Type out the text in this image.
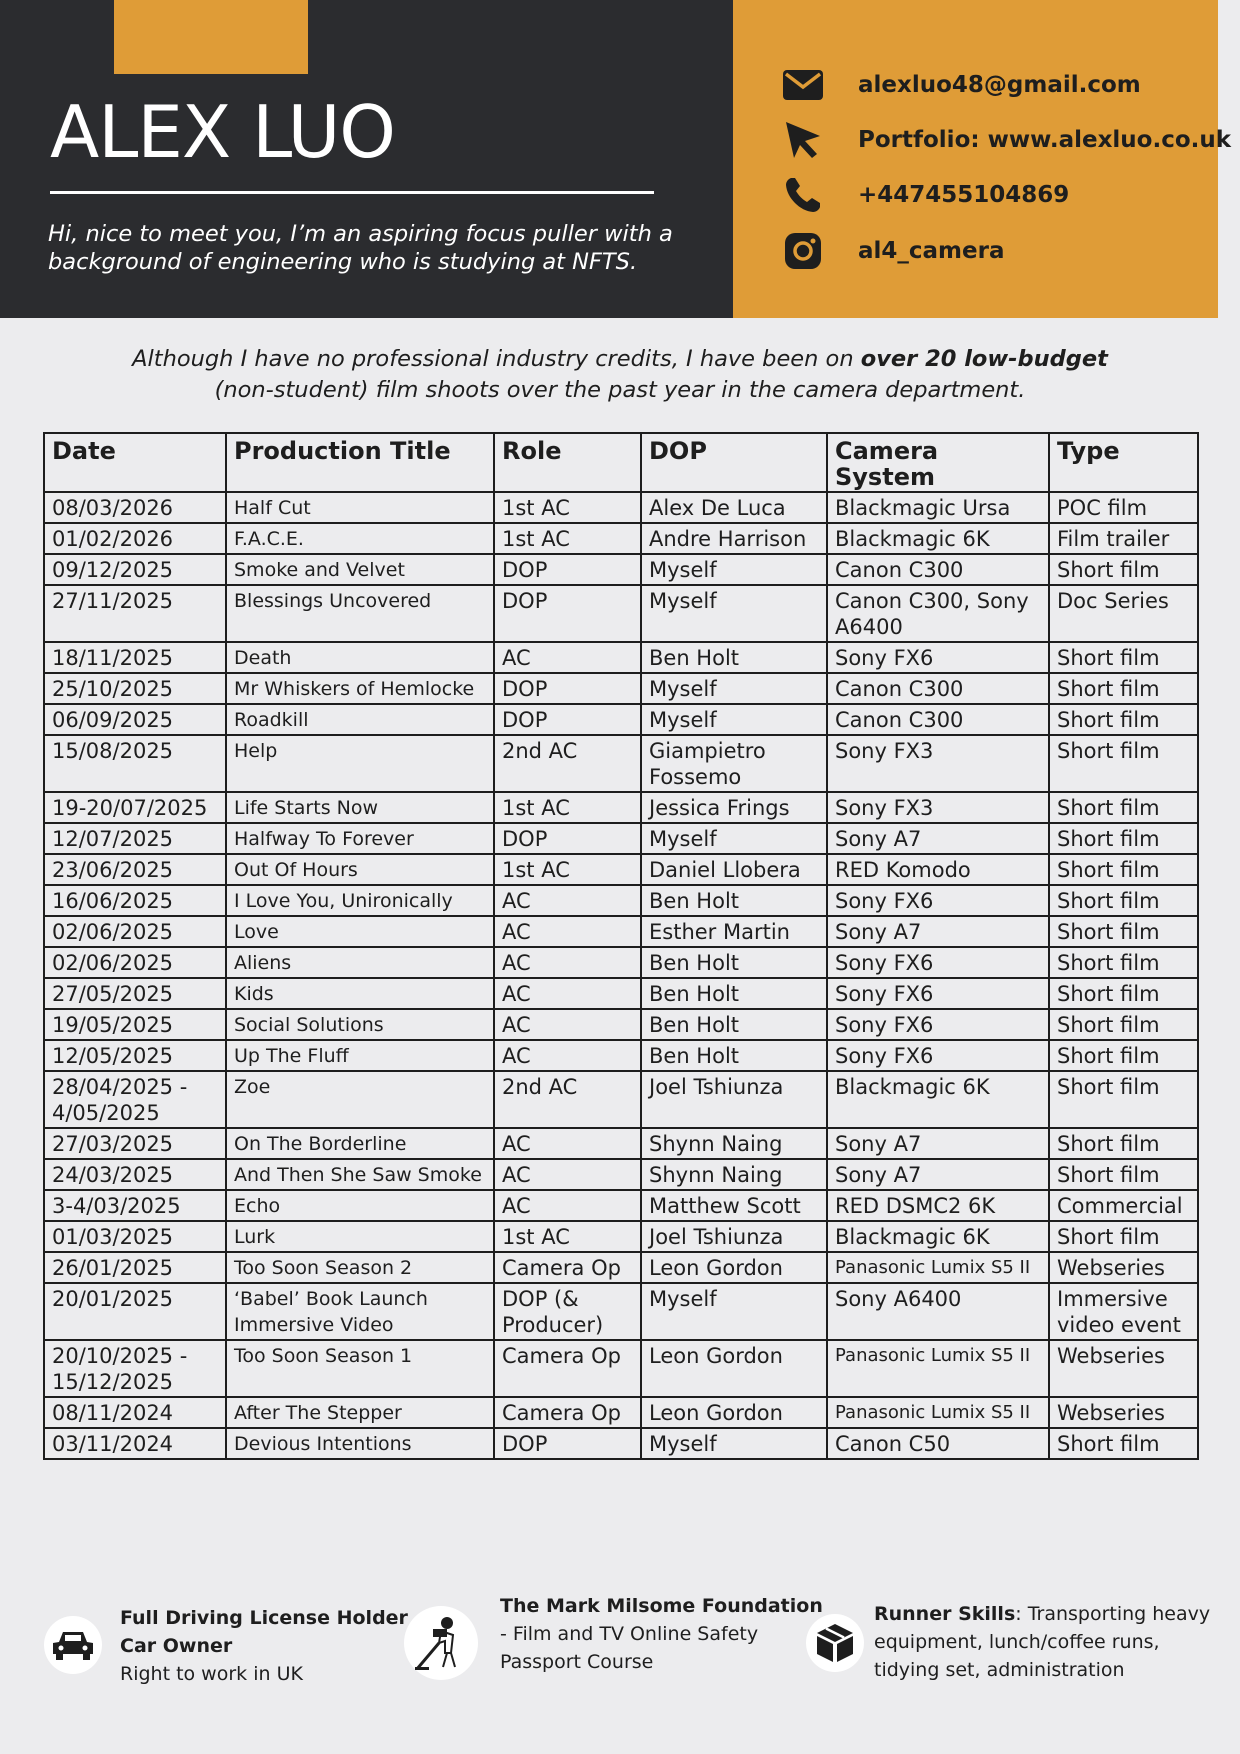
ALEX LUO
Hi, nice to meet you, I’m an aspiring focus puller with a
background of engineering who is studying at NFTS.
alexluo48@gmail.com
Portfolio: www.alexluo.co.uk
+447455104869
al4_camera
Although I have no professional industry credits, I have been on over 20 low-budget
(non-student) film shoots over the past year in the camera department.
Date	Production Title	Role	DOP	Camera System	Type
08/03/2026	Half Cut	1st AC	Alex De Luca	Blackmagic Ursa	POC film
01/02/2026	F.A.C.E.	1st AC	Andre Harrison	Blackmagic 6K	Film trailer
09/12/2025	Smoke and Velvet	DOP	Myself	Canon C300	Short film
27/11/2025	Blessings Uncovered	DOP	Myself	Canon C300, Sony A6400	Doc Series
18/11/2025	Death	AC	Ben Holt	Sony FX6	Short film
25/10/2025	Mr Whiskers of Hemlocke	DOP	Myself	Canon C300	Short film
06/09/2025	Roadkill	DOP	Myself	Canon C300	Short film
15/08/2025	Help	2nd AC	Giampietro Fossemo	Sony FX3	Short film
19-20/07/2025	Life Starts Now	1st AC	Jessica Frings	Sony FX3	Short film
12/07/2025	Halfway To Forever	DOP	Myself	Sony A7	Short film
23/06/2025	Out Of Hours	1st AC	Daniel Llobera	RED Komodo	Short film
16/06/2025	I Love You, Unironically	AC	Ben Holt	Sony FX6	Short film
02/06/2025	Love	AC	Esther Martin	Sony A7	Short film
02/06/2025	Aliens	AC	Ben Holt	Sony FX6	Short film
27/05/2025	Kids	AC	Ben Holt	Sony FX6	Short film
19/05/2025	Social Solutions	AC	Ben Holt	Sony FX6	Short film
12/05/2025	Up The Fluff	AC	Ben Holt	Sony FX6	Short film
28/04/2025 - 4/05/2025	Zoe	2nd AC	Joel Tshiunza	Blackmagic 6K	Short film
27/03/2025	On The Borderline	AC	Shynn Naing	Sony A7	Short film
24/03/2025	And Then She Saw Smoke	AC	Shynn Naing	Sony A7	Short film
3-4/03/2025	Echo	AC	Matthew Scott	RED DSMC2 6K	Commercial
01/03/2025	Lurk	1st AC	Joel Tshiunza	Blackmagic 6K	Short film
26/01/2025	Too Soon Season 2	Camera Op	Leon Gordon	Panasonic Lumix S5 II	Webseries
20/01/2025	‘Babel’ Book Launch Immersive Video	DOP (& Producer)	Myself	Sony A6400	Immersive video event
20/10/2025 - 15/12/2025	Too Soon Season 1	Camera Op	Leon Gordon	Panasonic Lumix S5 II	Webseries
08/11/2024	After The Stepper	Camera Op	Leon Gordon	Panasonic Lumix S5 II	Webseries
03/11/2024	Devious Intentions	DOP	Myself	Canon C50	Short film
Full Driving License Holder
Car Owner
Right to work in UK
The Mark Milsome Foundation
- Film and TV Online Safety
Passport Course
Runner Skills: Transporting heavy
equipment, lunch/coffee runs,
tidying set, administration
